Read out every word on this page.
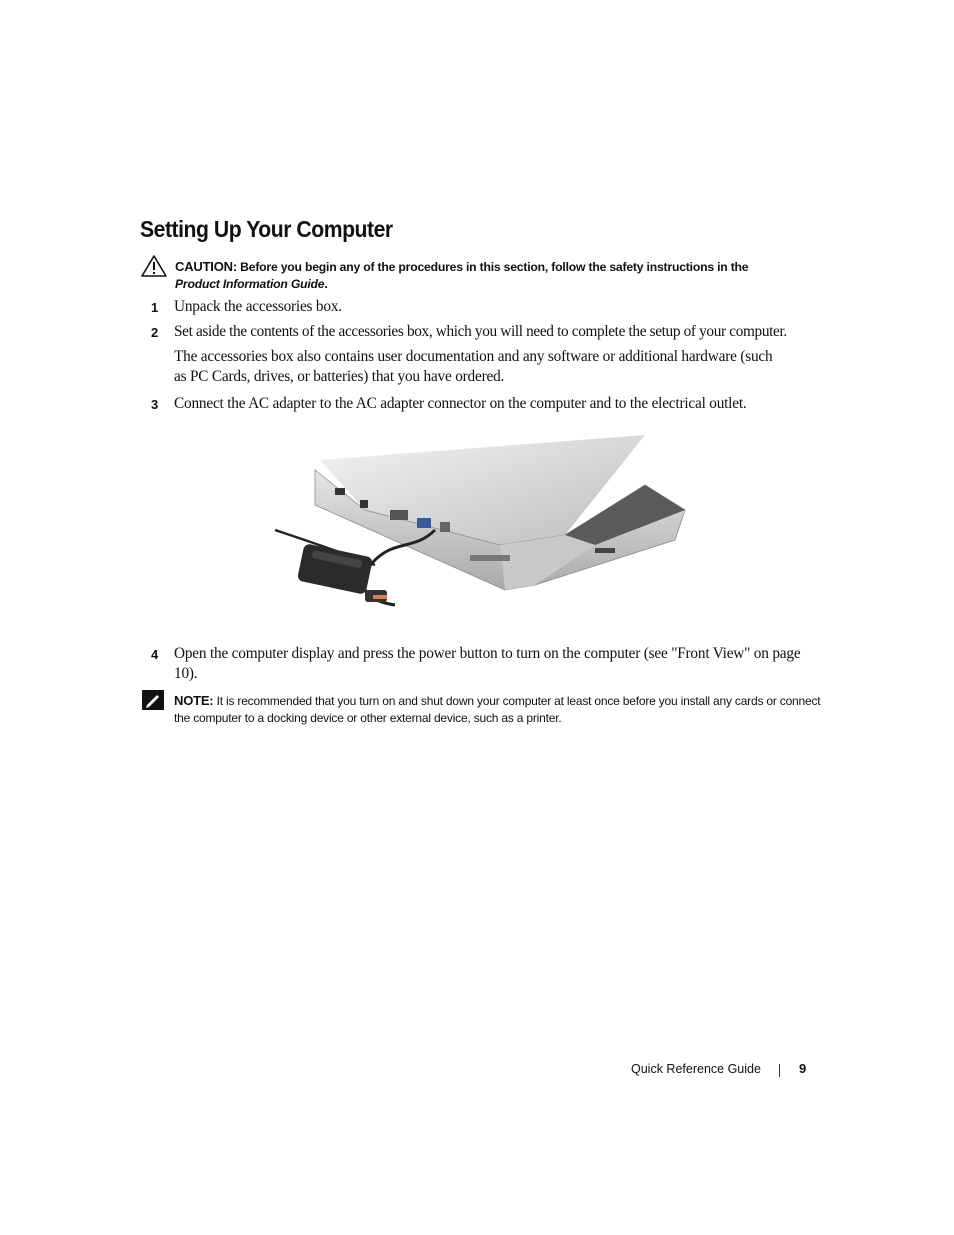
Setting Up Your Computer
CAUTION: Before you begin any of the procedures in this section, follow the safety instructions in the
Product Information Guide.
1 Unpack the accessories box.
2 Set aside the contents of the accessories box, which you will need to complete the setup of your computer.
The accessories box also contains user documentation and any software or additional hardware (such as PC Cards, drives, or batteries) that you have ordered.
3 Connect the AC adapter to the AC adapter connector on the computer and to the electrical outlet.
4 Open the computer display and press the power button to turn on the computer (see "Front View" on page 10).
NOTE: It is recommended that you turn on and shut down your computer at least once before you install any cards or connect the computer to a docking device or other external device, such as a printer.
Quick Reference Guide	9
